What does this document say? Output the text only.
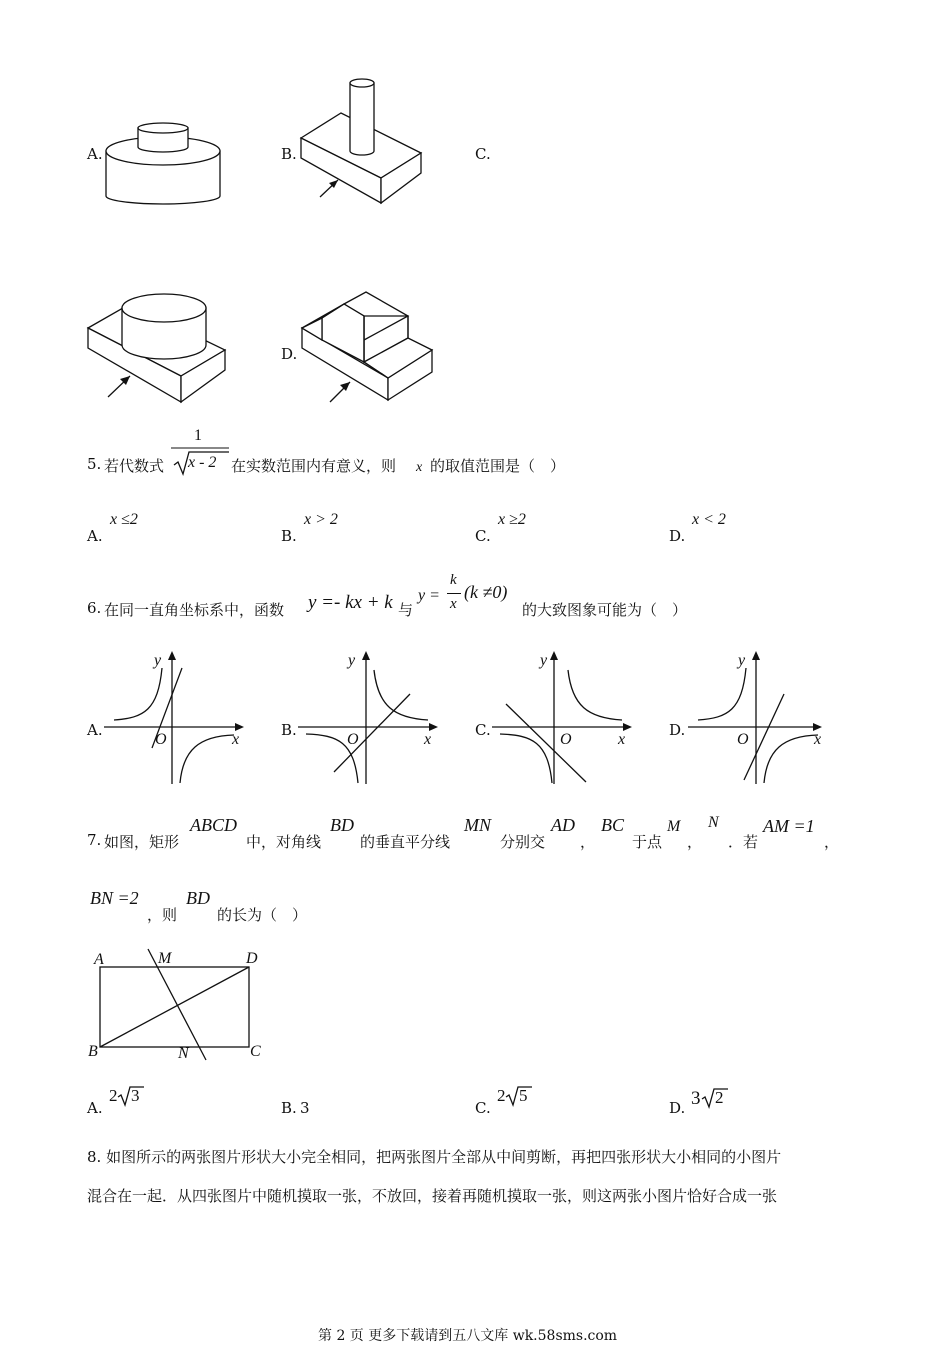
A.	B.	C.
D.
5. 若代数式
1
x - 2 在实数范围内有意义，则 x 的取值范围是（　）
A.
x ≤2
B.
x > 2
C.
x ≥2
D.
x < 2
6. 在同一直角坐标系中，函数 y =- kx + k 与
y =
k
x
(k ≠0)
的大致图象可能为（　）
A.	B.	C.	D.
y
x
O
y
x
O
y
x
O
y
x
O
7. 如图，矩形
ABCD
中，对角线
BD
的垂直平分线
MN
分别交
AD
，
BC
于点
M
，
N
．若
AM =1
，
BN =2
，则
BD
的长为（　）
A	M	D
B	N	C
A.
2 3
B. 3	C.
2 5
D. 3 2
8. 如图所示的两张图片形状大小完全相同，把两张图片全部从中间剪断，再把四张形状大小相同的小图片
混合在一起．从四张图片中随机摸取一张，不放回，接着再随机摸取一张，则这两张小图片恰好合成一张
第 2 页 更多下载请到五八文库 wk.58sms.com
